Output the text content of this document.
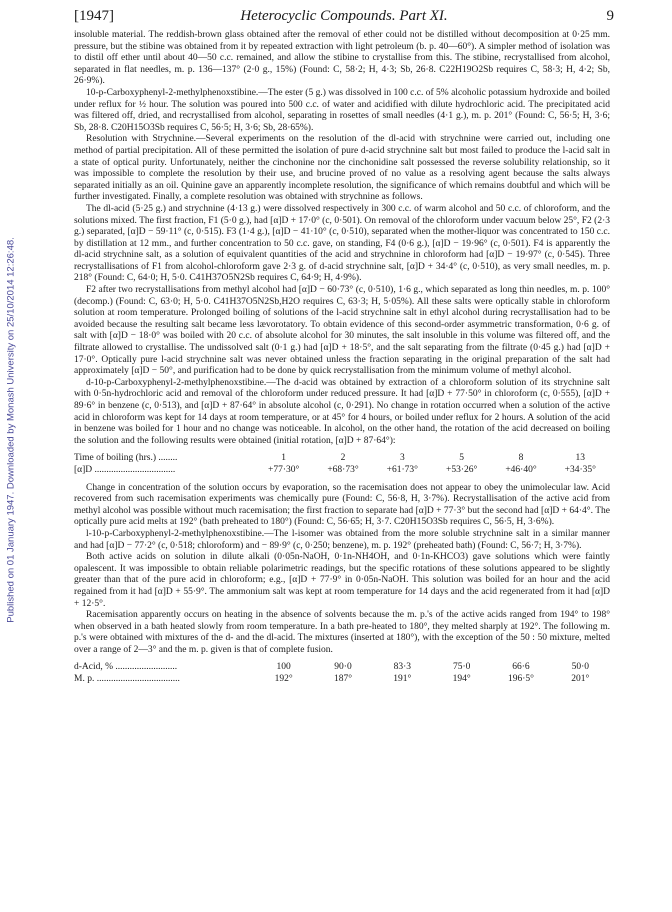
Published on 01 January 1947. Downloaded by Monash University on 25/10/2014 12:26:48.
[1947]	Heterocyclic Compounds. Part XI.	9

insoluble material. The reddish-brown glass obtained after the removal of ether could not be distilled without decomposition at 0·25 mm. pressure, but the stibine was obtained from it by repeated extraction with light petroleum (b. p. 40—60°). A simpler method of isolation was to distil off ether until about 40—50 c.c. remained, and allow the stibine to crystallise from this. The stibine, recrystallised from alcohol, separated in flat needles, m. p. 136—137° (2·0 g., 15%) (Found: C, 58·2; H, 4·3; Sb, 26·8. C22H19O2Sb requires C, 58·3; H, 4·2; Sb, 26·9%).

10-p-Carboxyphenyl-2-methylphenoxstibine.—The ester (5 g.) was dissolved in 100 c.c. of 5% alcoholic potassium hydroxide and boiled under reflux for ½ hour. The solution was poured into 500 c.c. of water and acidified with dilute hydrochloric acid. The precipitated acid was filtered off, dried, and recrystallised from alcohol, separating in rosettes of small needles (4·1 g.), m. p. 201° (Found: C, 56·5; H, 3·6; Sb, 28·8. C20H15O3Sb requires C, 56·5; H, 3·6; Sb, 28·65%).

Resolution with Strychnine.—Several experiments on the resolution of the dl-acid with strychnine were carried out, including one method of partial precipitation. All of these permitted the isolation of pure d-acid strychnine salt but most failed to produce the l-acid salt in a state of optical purity. Unfortunately, neither the cinchonine nor the cinchonidine salt possessed the reverse solubility relationship, so it was impossible to complete the resolution by their use, and brucine proved of no value as a resolving agent because the salts always separated initially as an oil. Quinine gave an apparently incomplete resolution, the significance of which remains doubtful and which will be further investigated. Finally, a complete resolution was obtained with strychnine as follows.

The dl-acid (5·25 g.) and strychnine (4·13 g.) were dissolved respectively in 300 c.c. of warm alcohol and 50 c.c. of chloroform, and the solutions mixed. The first fraction, F1 (5·0 g.), had [α]D + 17·0° (c, 0·501). On removal of the chloroform under vacuum below 25°, F2 (2·3 g.) separated, [α]D − 59·11° (c, 0·515). F3 (1·4 g.), [α]D − 41·10° (c, 0·510), separated when the mother-liquor was concentrated to 150 c.c. by distillation at 12 mm., and further concentration to 50 c.c. gave, on standing, F4 (0·6 g.), [α]D − 19·96° (c, 0·501). F4 is apparently the dl-acid strychnine salt, as a solution of equivalent quantities of the acid and strychnine in chloroform had [α]D − 19·97° (c, 0·545). Three recrystallisations of F1 from alcohol-chloroform gave 2·3 g. of d-acid strychnine salt, [α]D + 34·4° (c, 0·510), as very small needles, m. p. 218° (Found: C, 64·0; H, 5·0. C41H37O5N2Sb requires C, 64·9; H, 4·9%).

F2 after two recrystallisations from methyl alcohol had [α]D − 60·73° (c, 0·510), 1·6 g., which separated as long thin needles, m. p. 100° (decomp.) (Found: C, 63·0; H, 5·0. C41H37O5N2Sb,H2O requires C, 63·3; H, 5·05%). All these salts were optically stable in chloroform solution at room temperature. Prolonged boiling of solutions of the l-acid strychnine salt in ethyl alcohol during recrystallisation had to be avoided because the resulting salt became less lævorotatory. To obtain evidence of this second-order asymmetric transformation, 0·6 g. of salt with [α]D − 18·0° was boiled with 20 c.c. of absolute alcohol for 30 minutes, the salt insoluble in this volume was filtered off, and the filtrate allowed to crystallise. The undissolved salt (0·1 g.) had [α]D + 18·5°, and the salt separating from the filtrate (0·45 g.) had [α]D + 17·0°. Optically pure l-acid strychnine salt was never obtained unless the fraction separating in the original preparation of the salt had approximately [α]D − 50°, and purification had to be done by quick recrystallisation from the minimum volume of methyl alcohol.

d-10-p-Carboxyphenyl-2-methylphenoxstibine.—The d-acid was obtained by extraction of a chloroform solution of its strychnine salt with 0·5n-hydrochloric acid and removal of the chloroform under reduced pressure. It had [α]D + 77·50° in chloroform (c, 0·555), [α]D + 89·6° in benzene (c, 0·513), and [α]D + 87·64° in absolute alcohol (c, 0·291). No change in rotation occurred when a solution of the active acid in chloroform was kept for 14 days at room temperature, or at 45° for 4 hours, or boiled under reflux for 2 hours. A solution of the acid in benzene was boiled for 1 hour and no change was noticeable. In alcohol, on the other hand, the rotation of the acid decreased on boiling the solution and the following results were obtained (initial rotation, [α]D + 87·64°):

Time of boiling (hrs.) ........
[α]D ..................................
1
+77·30°
2
+68·73°
3
+61·73°
5
+53·26°
8
+46·40°
13
+34·35°

Change in concentration of the solution occurs by evaporation, so the racemisation does not appear to obey the unimolecular law. Acid recovered from such racemisation experiments was chemically pure (Found: C, 56·8, H, 3·7%). Recrystallisation of the active acid from methyl alcohol was possible without much racemisation; the first fraction to separate had [α]D + 77·3° but the second had [α]D + 64·4°. The optically pure acid melts at 192° (bath preheated to 180°) (Found: C, 56·65; H, 3·7. C20H15O3Sb requires C, 56·5, H, 3·6%).

l-10-p-Carboxyphenyl-2-methylphenoxstibine.—The l-isomer was obtained from the more soluble strychnine salt in a similar manner and had [α]D − 77·2° (c, 0·518; chloroform) and − 89·9° (c, 0·250; benzene), m. p. 192° (preheated bath) (Found: C, 56·7; H, 3·7%).

Both active acids on solution in dilute alkali (0·05n-NaOH, 0·1n-NH4OH, and 0·1n-KHCO3) gave solutions which were faintly opalescent. It was impossible to obtain reliable polarimetric readings, but the specific rotations of these solutions appeared to be slightly greater than that of the pure acid in chloroform; e.g., [α]D + 77·9° in 0·05n-NaOH. This solution was boiled for an hour and the acid regained from it had [α]D + 55·9°. The ammonium salt was kept at room temperature for 14 days and the acid regenerated from it had [α]D + 12·5°.

Racemisation apparently occurs on heating in the absence of solvents because the m. p.'s of the active acids ranged from 194° to 198° when observed in a bath heated slowly from room temperature. In a bath pre-heated to 180°, they melted sharply at 192°. The following m. p.'s were obtained with mixtures of the d- and the dl-acid. The mixtures (inserted at 180°), with the exception of the 50 : 50 mixture, melted over a range of 2—3° and the m. p. given is that of complete fusion.

d-Acid, % ..........................
M. p. ...................................
100
192°
90·0
187°
83·3
191°
75·0
194°
66·6
196·5°
50·0
201°
